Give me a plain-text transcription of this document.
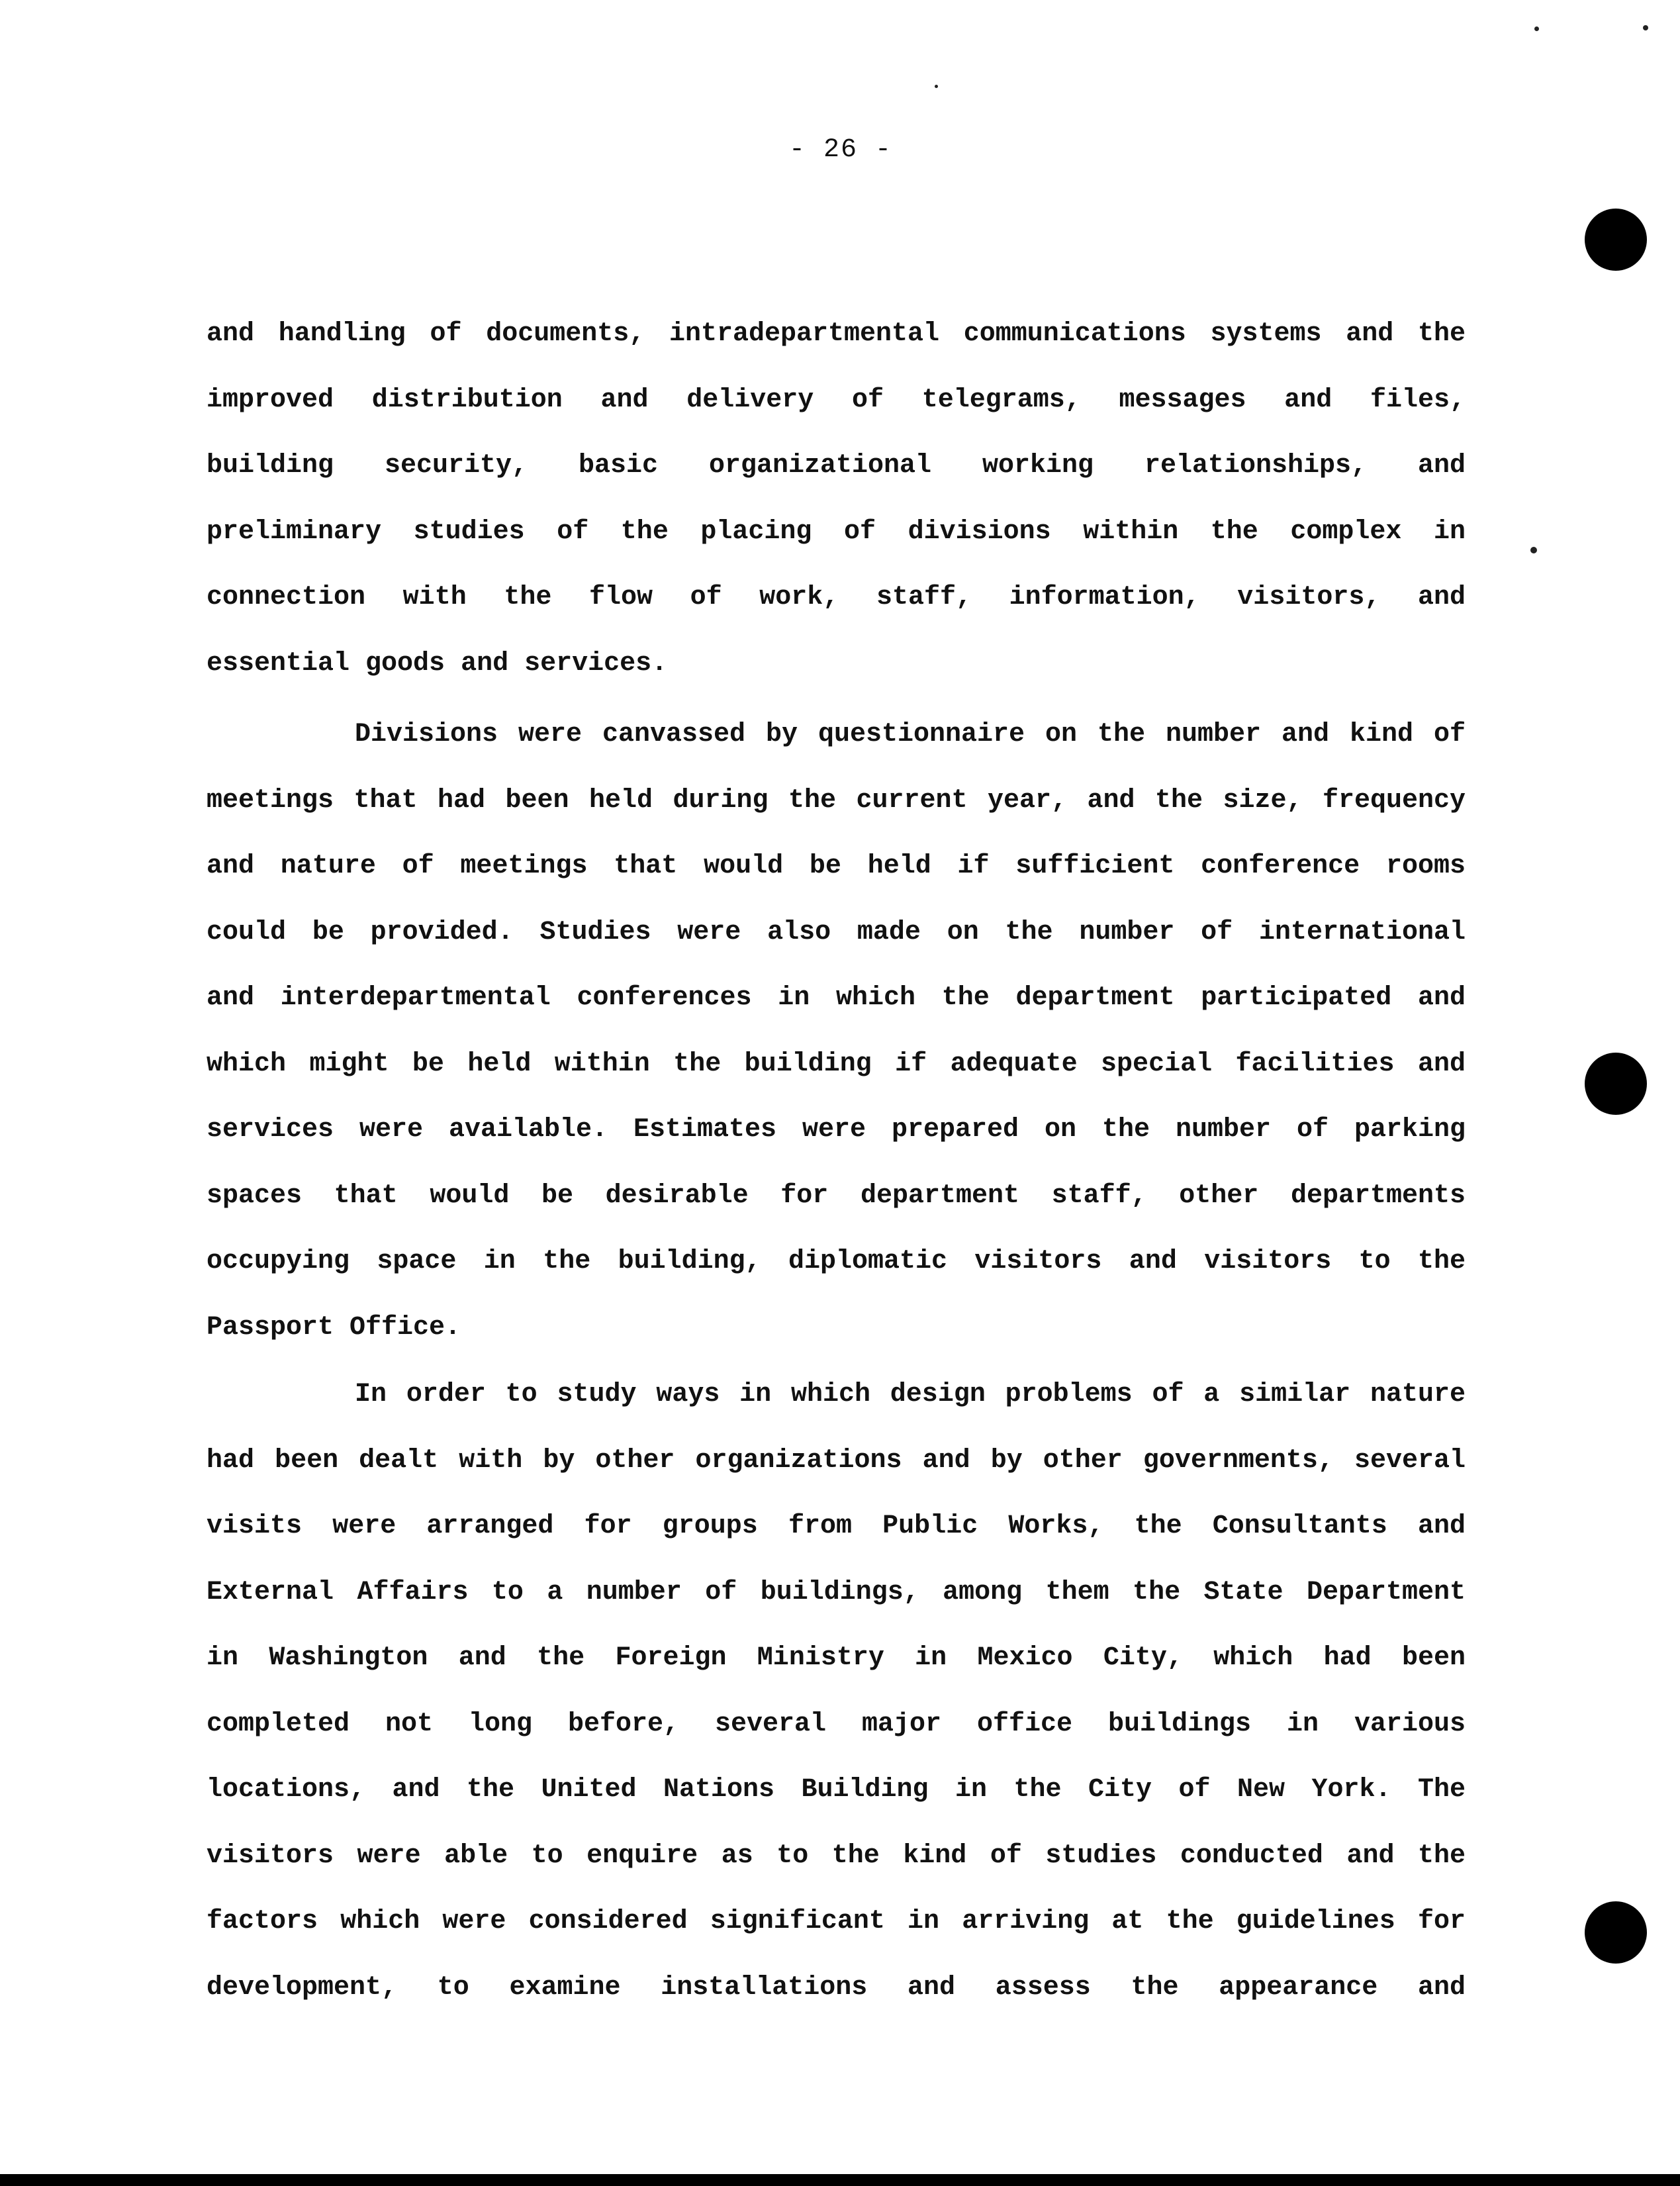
- 26 -

and handling of documents, intradepartmental communications systems and the
improved distribution and delivery of telegrams, messages and files,
building security, basic organizational working relationships, and
preliminary studies of the placing of divisions within the complex in
connection with the flow of work, staff, information, visitors, and
essential goods and services.

Divisions were canvassed by questionnaire on the number and kind of
meetings that had been held during the current year, and the size, frequency
and nature of meetings that would be held if sufficient conference rooms
could be provided. Studies were also made on the number of international
and interdepartmental conferences in which the department participated and
which might be held within the building if adequate special facilities and
services were available. Estimates were prepared on the number of parking
spaces that would be desirable for department staff, other departments
occupying space in the building, diplomatic visitors and visitors to the
Passport Office.

In order to study ways in which design problems of a similar nature
had been dealt with by other organizations and by other governments, several
visits were arranged for groups from Public Works, the Consultants and
External Affairs to a number of buildings, among them the State Department
in Washington and the Foreign Ministry in Mexico City, which had been
completed not long before, several major office buildings in various
locations, and the United Nations Building in the City of New York. The
visitors were able to enquire as to the kind of studies conducted and the
factors which were considered significant in arriving at the guidelines for
development, to examine installations and assess the appearance and
